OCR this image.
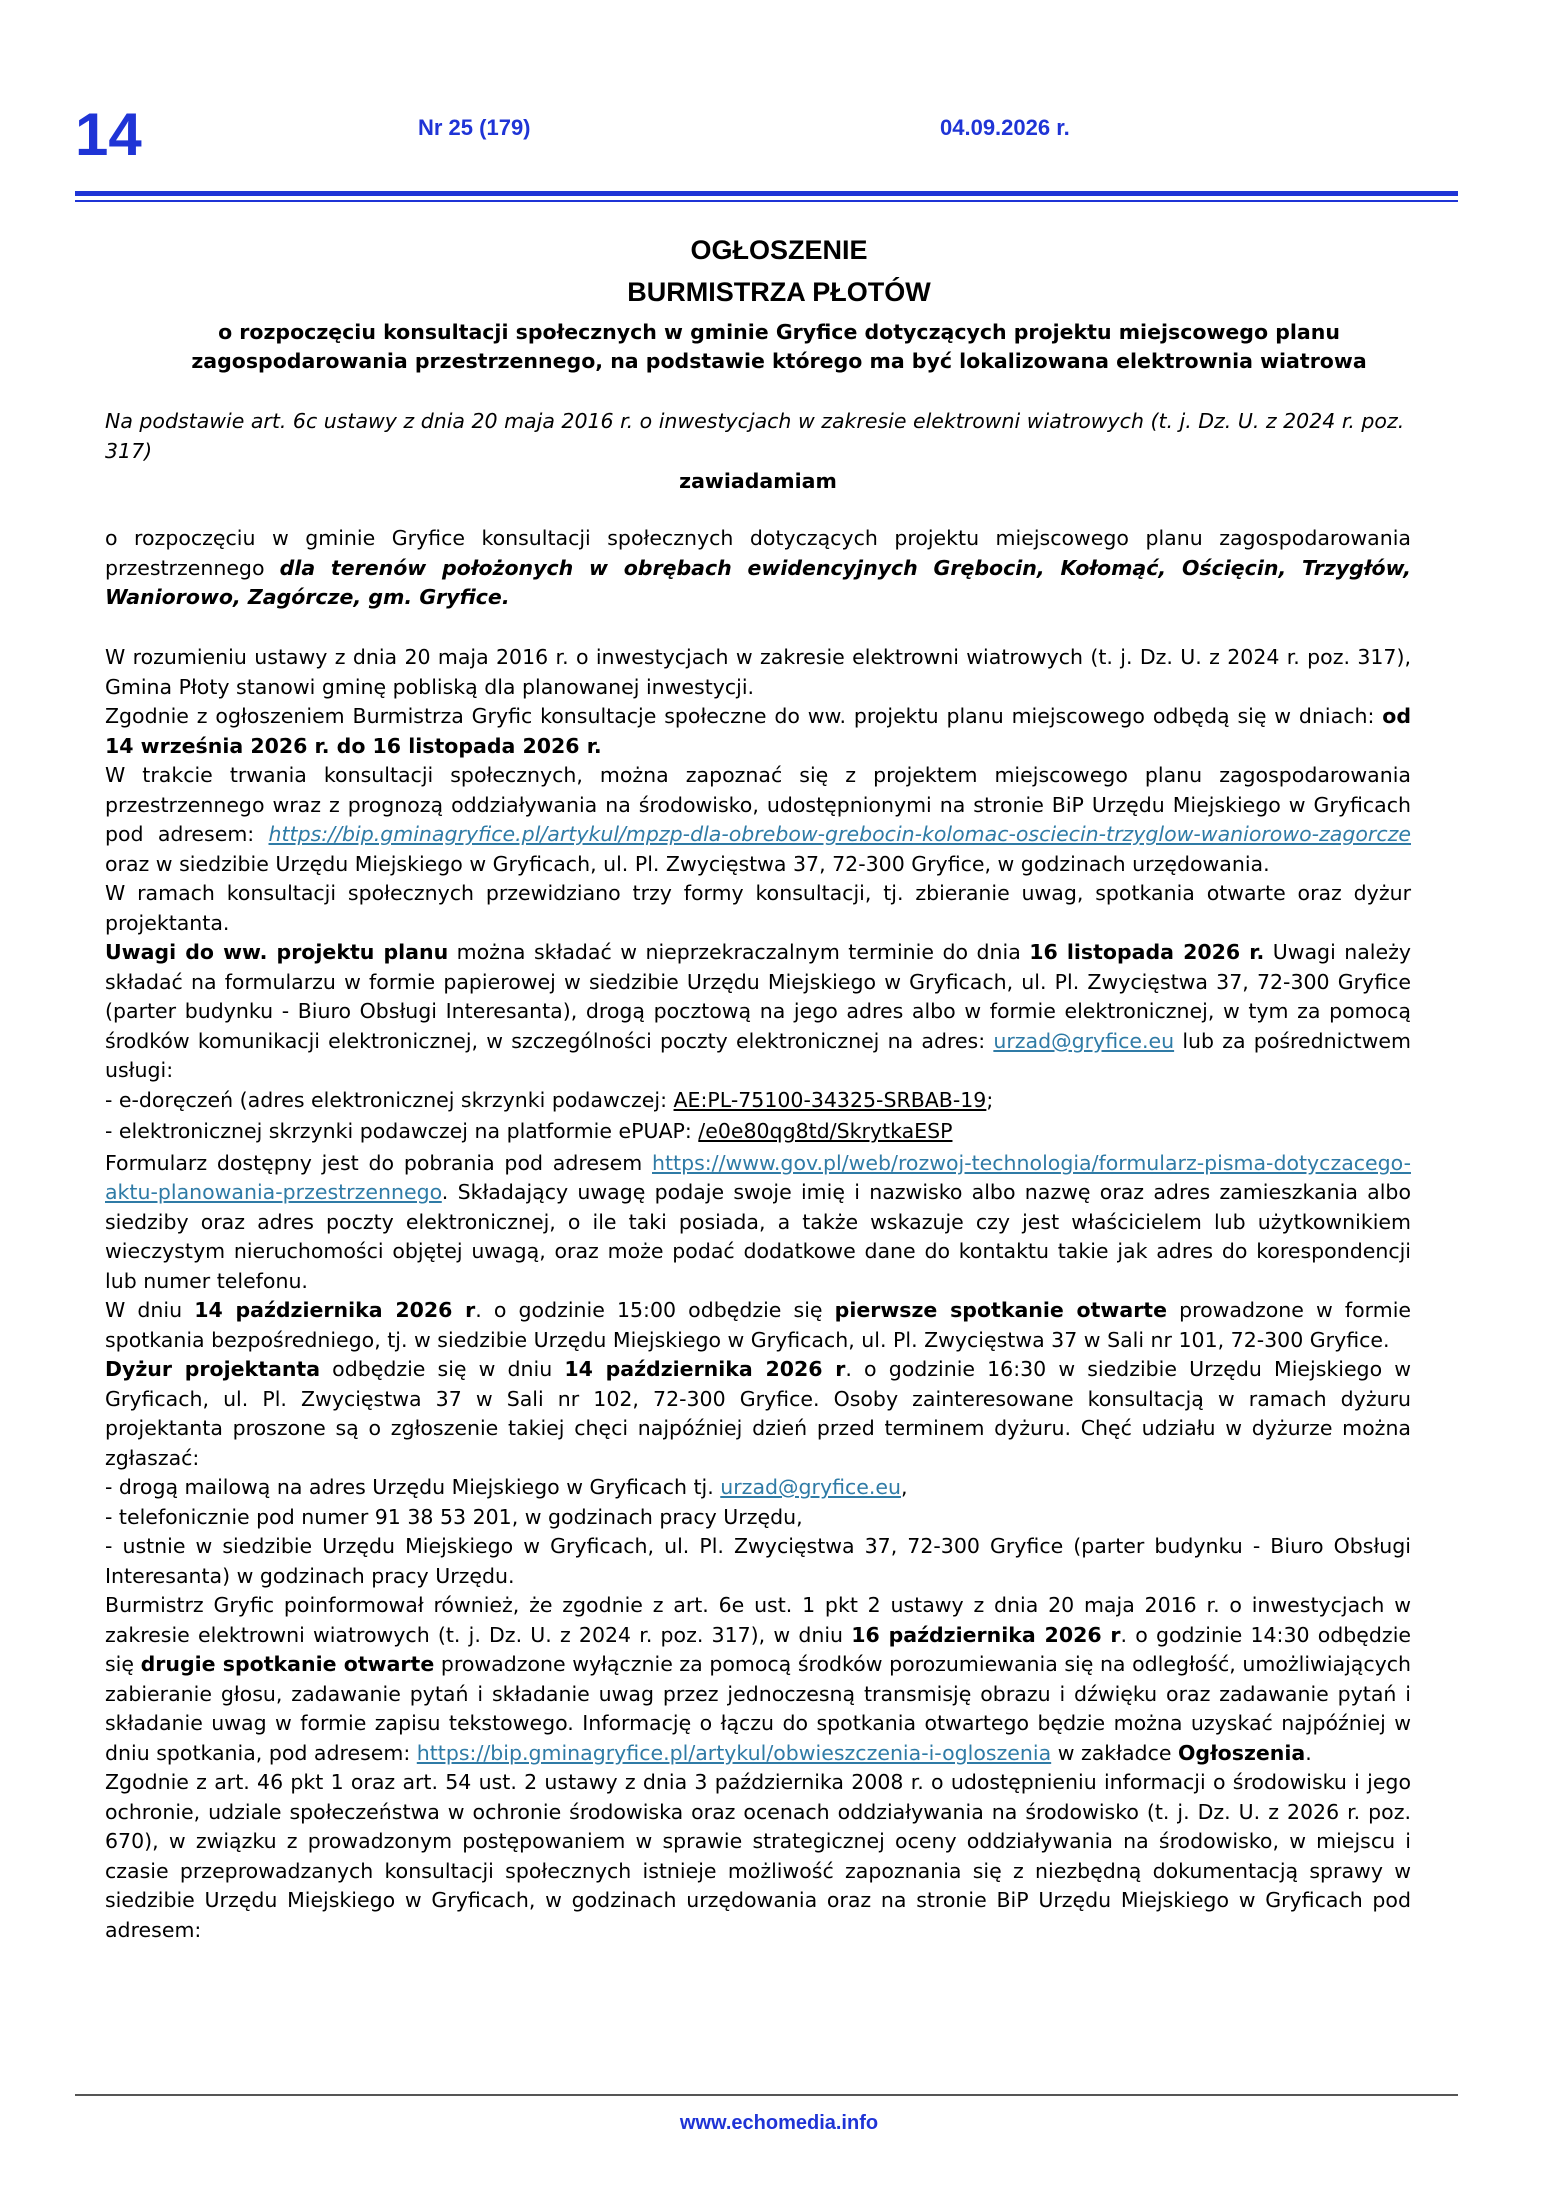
14	Nr 25 (179)	04.09.2026 r.
OGŁOSZENIE
BURMISTRZA PŁOTÓW
o rozpoczęciu konsultacji społecznych w gminie Gryfice dotyczących projektu miejscowego planu
zagospodarowania przestrzennego, na podstawie którego ma być lokalizowana elektrownia wiatrowa

Na podstawie art. 6c ustawy z dnia 20 maja 2016 r. o inwestycjach w zakresie elektrowni wiatrowych (t. j. Dz. U. z 2024 r. poz. 317)

zawiadamiam

o rozpoczęciu w gminie Gryfice konsultacji społecznych dotyczących projektu miejscowego planu zagospodarowania przestrzennego dla terenów położonych w obrębach ewidencyjnych Grębocin, Kołomąć, Ościęcin, Trzygłów, Waniorowo, Zagórcze, gm. Gryfice.

W rozumieniu ustawy z dnia 20 maja 2016 r. o inwestycjach w zakresie elektrowni wiatrowych (t. j. Dz. U. z 2024 r. poz. 317), Gmina Płoty stanowi gminę pobliską dla planowanej inwestycji.

Zgodnie z ogłoszeniem Burmistrza Gryfic konsultacje społeczne do ww. projektu planu miejscowego odbędą się w dniach: od 14 września 2026 r. do 16 listopada 2026 r.

W trakcie trwania konsultacji społecznych, można zapoznać się z projektem miejscowego planu zagospodarowania przestrzennego wraz z prognozą oddziaływania na środowisko, udostępnionymi na stronie BiP Urzędu Miejskiego w Gryficach pod adresem: https://bip.gminagryfice.pl/artykul/mpzp-dla-obrebow-grebocin-kolomac-osciecin-trzyglow-waniorowo-zagorcze oraz w siedzibie Urzędu Miejskiego w Gryficach, ul. Pl. Zwycięstwa 37, 72-300 Gryfice, w godzinach urzędowania.

W ramach konsultacji społecznych przewidziano trzy formy konsultacji, tj. zbieranie uwag, spotkania otwarte oraz dyżur projektanta.

Uwagi do ww. projektu planu można składać w nieprzekraczalnym terminie do dnia 16 listopada 2026 r. Uwagi należy składać na formularzu w formie papierowej w siedzibie Urzędu Miejskiego w Gryficach, ul. Pl. Zwycięstwa 37, 72-300 Gryfice (parter budynku - Biuro Obsługi Interesanta), drogą pocztową na jego adres albo w formie elektronicznej, w tym za pomocą środków komunikacji elektronicznej, w szczególności poczty elektronicznej na adres: urzad@gryfice.eu lub za pośrednictwem usługi:

- e-doręczeń (adres elektronicznej skrzynki podawczej: AE:PL-75100-34325-SRBAB-19;

- elektronicznej skrzynki podawczej na platformie ePUAP: /e0e80qg8td/SkrytkaESP

Formularz dostępny jest do pobrania pod adresem https://www.gov.pl/web/rozwoj-technologia/formularz-pisma-dotyczacego-aktu-planowania-przestrzennego. Składający uwagę podaje swoje imię i nazwisko albo nazwę oraz adres zamieszkania albo siedziby oraz adres poczty elektronicznej, o ile taki posiada, a także wskazuje czy jest właścicielem lub użytkownikiem wieczystym nieruchomości objętej uwagą, oraz może podać dodatkowe dane do kontaktu takie jak adres do korespondencji lub numer telefonu.

W dniu 14 października 2026 r. o godzinie 15:00 odbędzie się pierwsze spotkanie otwarte prowadzone w formie spotkania bezpośredniego, tj. w siedzibie Urzędu Miejskiego w Gryficach, ul. Pl. Zwycięstwa 37 w Sali nr 101, 72-300 Gryfice.

Dyżur projektanta odbędzie się w dniu 14 października 2026 r. o godzinie 16:30 w siedzibie Urzędu Miejskiego w Gryficach, ul. Pl. Zwycięstwa 37 w Sali nr 102, 72-300 Gryfice. Osoby zainteresowane konsultacją w ramach dyżuru projektanta proszone są o zgłoszenie takiej chęci najpóźniej dzień przed terminem dyżuru. Chęć udziału w dyżurze można zgłaszać:

- drogą mailową na adres Urzędu Miejskiego w Gryficach tj. urzad@gryfice.eu,

- telefonicznie pod numer 91 38 53 201, w godzinach pracy Urzędu,

- ustnie w siedzibie Urzędu Miejskiego w Gryficach, ul. Pl. Zwycięstwa 37, 72-300 Gryfice (parter budynku - Biuro Obsługi Interesanta) w godzinach pracy Urzędu.

Burmistrz Gryfic poinformował również, że zgodnie z art. 6e ust. 1 pkt 2 ustawy z dnia 20 maja 2016 r. o inwestycjach w zakresie elektrowni wiatrowych (t. j. Dz. U. z 2024 r. poz. 317), w dniu 16 października 2026 r. o godzinie 14:30 odbędzie się drugie spotkanie otwarte prowadzone wyłącznie za pomocą środków porozumiewania się na odległość, umożliwiających zabieranie głosu, zadawanie pytań i składanie uwag przez jednoczesną transmisję obrazu i dźwięku oraz zadawanie pytań i składanie uwag w formie zapisu tekstowego. Informację o łączu do spotkania otwartego będzie można uzyskać najpóźniej w dniu spotkania, pod adresem: https://bip.gminagryfice.pl/artykul/obwieszczenia-i-ogloszenia w zakładce Ogłoszenia.

Zgodnie z art. 46 pkt 1 oraz art. 54 ust. 2 ustawy z dnia 3 października 2008 r. o udostępnieniu informacji o środowisku i jego ochronie, udziale społeczeństwa w ochronie środowiska oraz ocenach oddziaływania na środowisko (t. j. Dz. U. z 2026 r. poz. 670), w związku z prowadzonym postępowaniem w sprawie strategicznej oceny oddziaływania na środowisko, w miejscu i czasie przeprowadzanych konsultacji społecznych istnieje możliwość zapoznania się z niezbędną dokumentacją sprawy w siedzibie Urzędu Miejskiego w Gryficach, w godzinach urzędowania oraz na stronie BiP Urzędu Miejskiego w Gryficach pod adresem:

www.echomedia.info
